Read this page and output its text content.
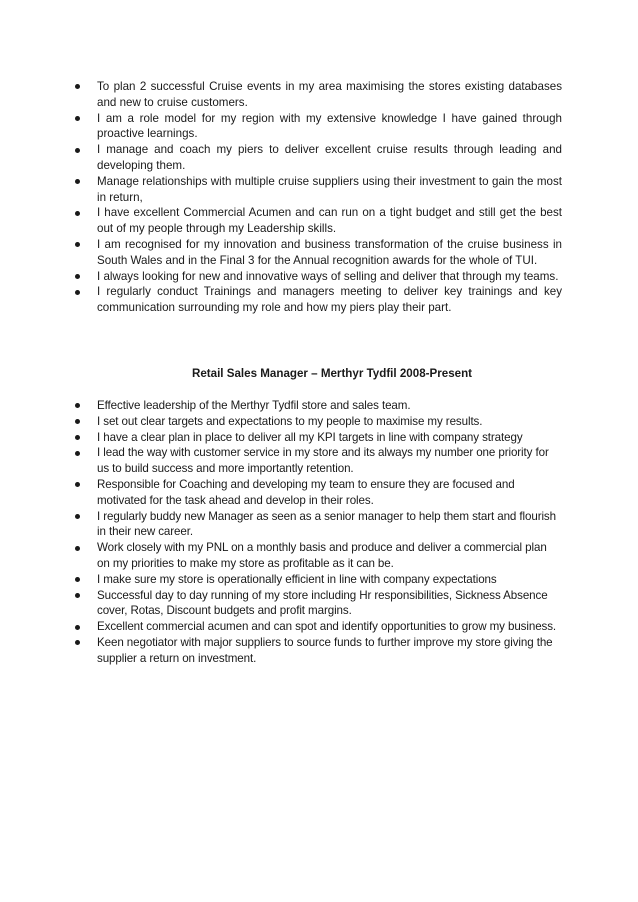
To plan 2 successful Cruise events in my area maximising the stores existing databases and new to cruise customers.
I am a role model for my region with my extensive knowledge I have gained through proactive learnings.
I manage and coach my piers to deliver excellent cruise results through leading and developing them.
Manage relationships with multiple cruise suppliers using their investment to gain the most in return,
I have excellent Commercial Acumen and can run on a tight budget and still get the best out of my people through my Leadership skills.
I am recognised for my innovation and business transformation of the cruise business in South Wales and in the Final 3 for the Annual recognition awards for the whole of TUI.
I always looking for new and innovative ways of selling and deliver that through my teams.
I regularly conduct Trainings and managers meeting to deliver key trainings and key communication surrounding my role and how my piers play their part.
Retail Sales Manager – Merthyr Tydfil 2008-Present
Effective leadership of the Merthyr Tydfil store and sales team.
I set out clear targets and expectations to my people to maximise my results.
I have a clear plan in place to deliver all my KPI targets in line with company strategy
I lead the way with customer service in my store and its always my number one priority for us to build success and more importantly retention.
Responsible for Coaching and developing my team to ensure they are focused and motivated for the task ahead and develop in their roles.
I regularly buddy new Manager as seen as a senior manager to help them start and flourish in their new career.
Work closely with my PNL on a monthly basis and produce and deliver a commercial plan on my priorities to make my store as profitable as it can be.
I make sure my store is operationally efficient in line with company expectations
Successful day to day running of my store including Hr responsibilities, Sickness Absence cover, Rotas, Discount budgets and profit margins.
Excellent commercial acumen and can spot and identify opportunities to grow my business.
Keen negotiator with major suppliers to source funds to further improve my store giving the supplier a return on investment.
